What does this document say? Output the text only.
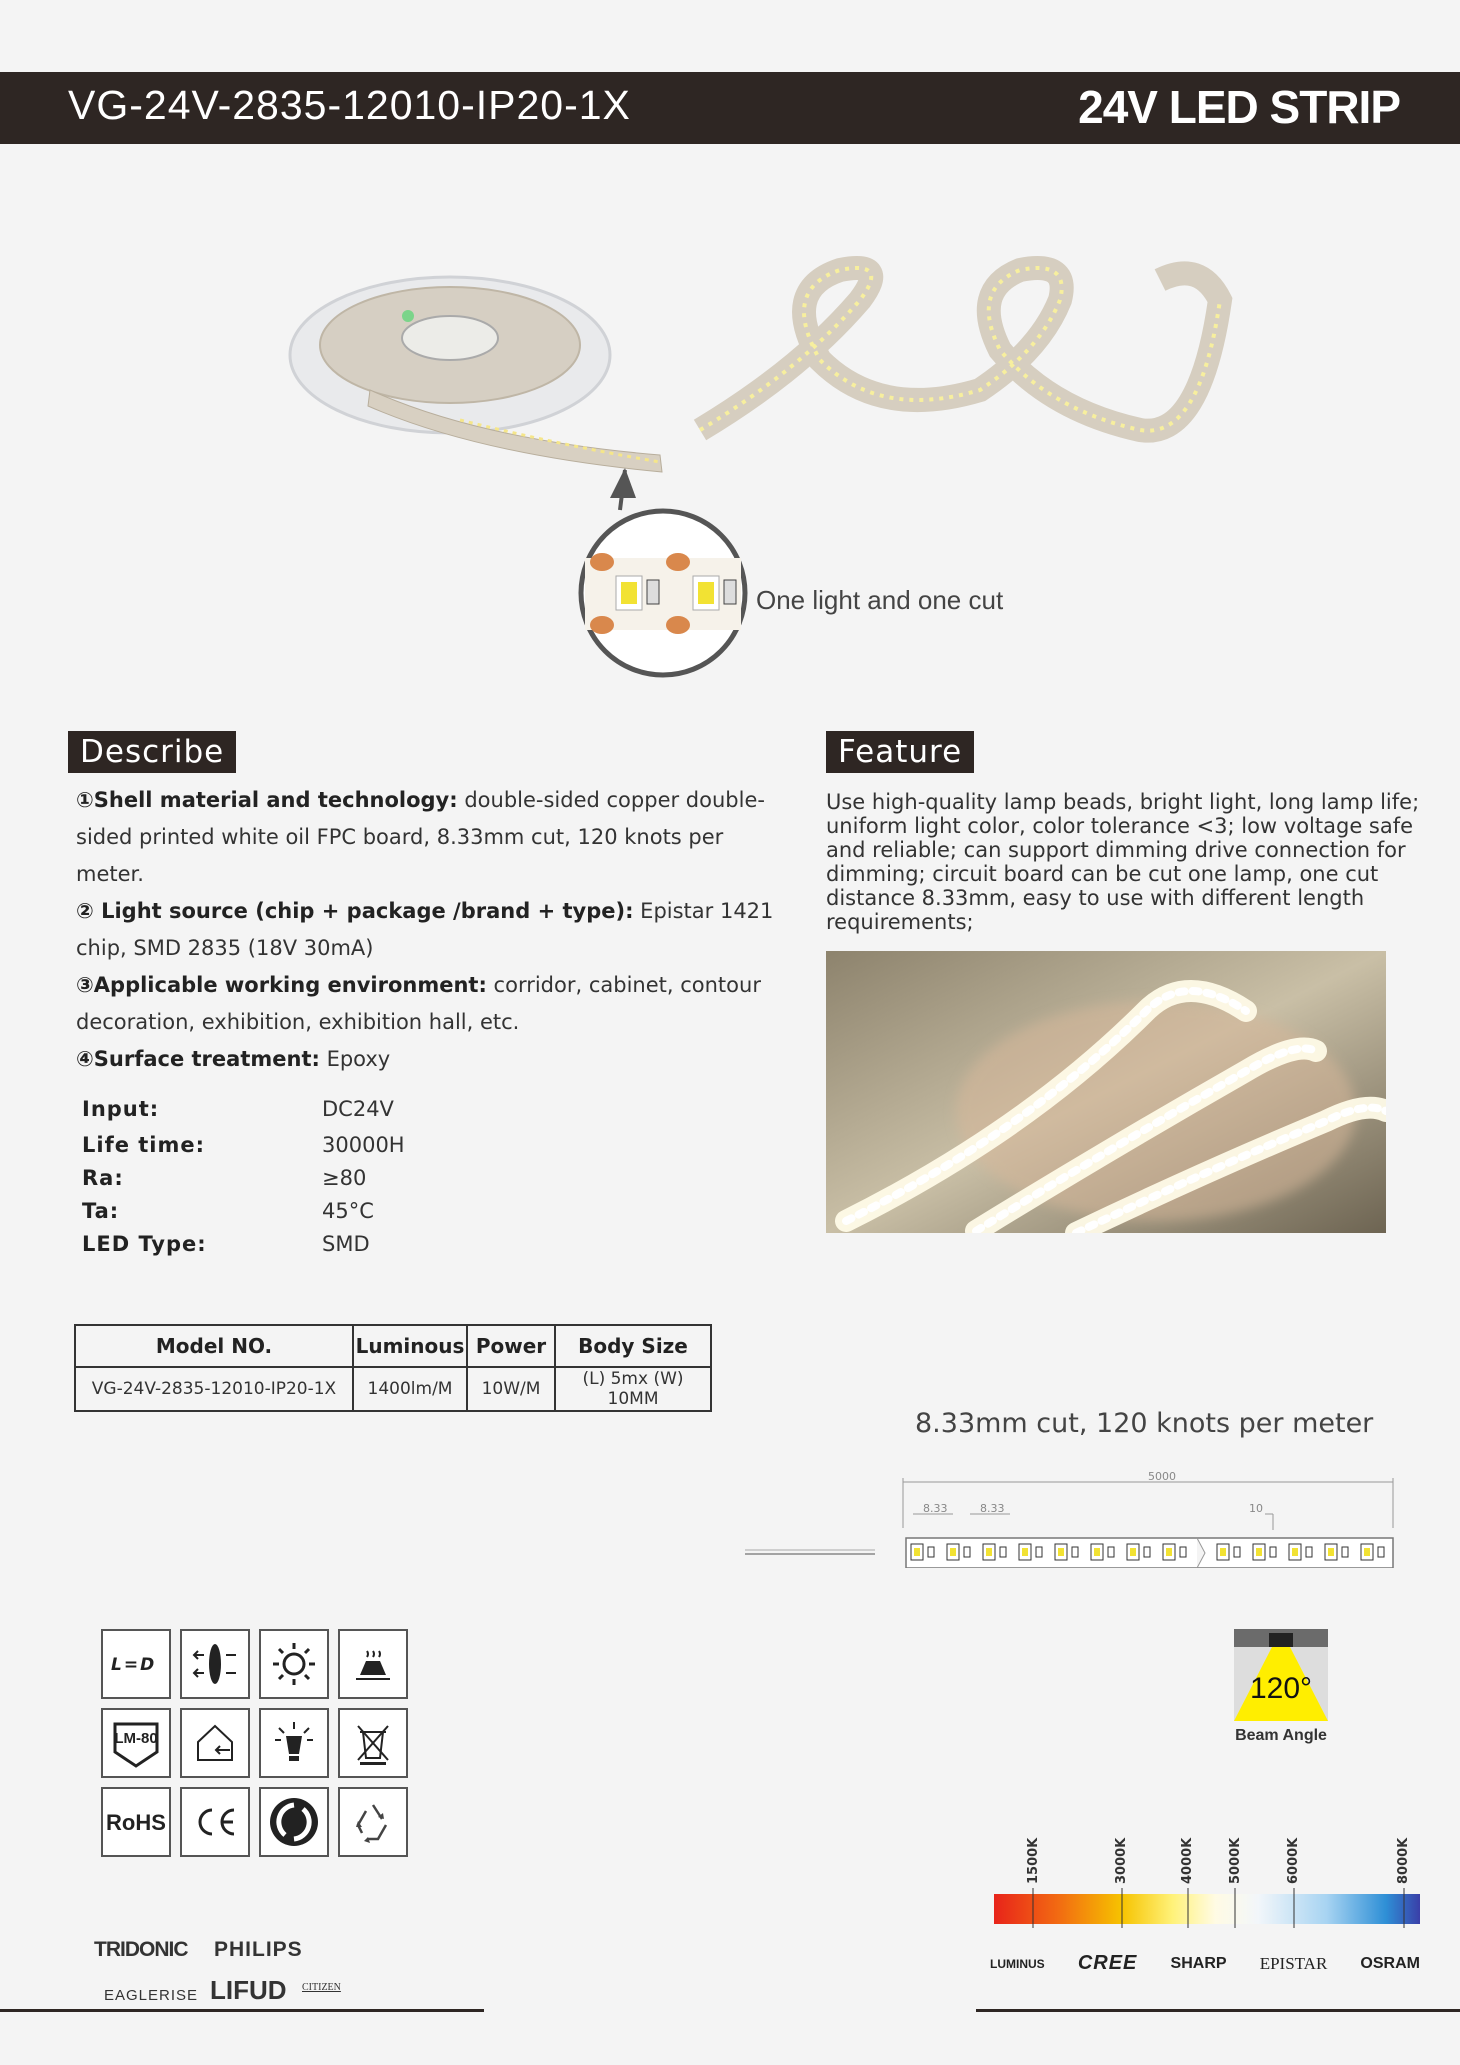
VG-24V-2835-12010-IP20-1X	24V LED STRIP
One light and one cut
Describe
①Shell material and technology: double-sided copper double-sided printed white oil FPC board, 8.33mm cut, 120 knots per meter.
② Light source (chip + package /brand + type): Epistar 1421 chip, SMD 2835 (18V 30mA)
③Applicable working environment: corridor, cabinet, contour decoration, exhibition, exhibition hall, etc.
④Surface treatment: Epoxy
Feature
Use high-quality lamp beads, bright light, long lamp life; uniform light color, color tolerance <3; low voltage safe and reliable; can support dimming drive connection for dimming; circuit board can be cut one lamp, one cut distance 8.33mm, easy to use with different length requirements;
Input:	DC24V
Life time:	30000H
Ra:	≥80
Ta:	45°C
LED Type:	SMD
Model NO.	Luminous	Power	Body Size
VG-24V-2835-12010-IP20-1X	1400lm/M	10W/M	(L) 5mx (W) 10MM
8.33mm cut, 120 knots per meter
5000
8.33	8.33	10
L=D
LM-80
RoHS
120°
Beam Angle
1500K	3000K	4000K	5000K	6000K	8000K
LUMINUS CREE SHARP EPISTAR OSRAM
TRIDONIC PHILIPS
EAGLERISE LIFUD CITIZEN
